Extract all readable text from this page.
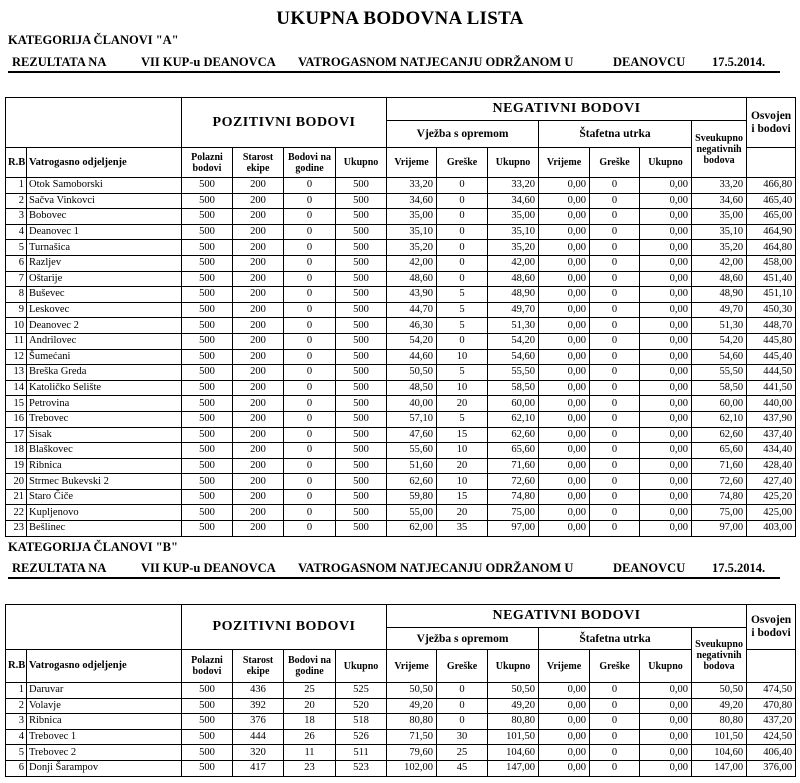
UKUPNA BODOVNA LISTA
KATEGORIJA ČLANOVI "A"
REZULTATA NA	VII KUP-u DEANOVCA VATROGASNOM NATJECANJU ODRŽANOM U	DEANOVCU 17.5.2014.
		POZITIVNI BODOVI				NEGATIVNI BODOVI							Osvojen i bodovi
						Vježba s opremom			Štafetna utrka			Sveukupno negativnih bodova	
R.B	Vatrogasno odjeljenje	Polazni bodovi	Starost ekipe	Bodovi na godine	Ukupno	Vrijeme	Greške	Ukupno	Vrijeme	Greške	Ukupno		
1	Otok Samoborski	500	200	0	500	33,20	0	33,20	0,00	0	0,00	33,20	466,80
2	Sačva Vinkovci	500	200	0	500	34,60	0	34,60	0,00	0	0,00	34,60	465,40
3	Bobovec	500	200	0	500	35,00	0	35,00	0,00	0	0,00	35,00	465,00
4	Deanovec 1	500	200	0	500	35,10	0	35,10	0,00	0	0,00	35,10	464,90
5	Turnašica	500	200	0	500	35,20	0	35,20	0,00	0	0,00	35,20	464,80
6	Razljev	500	200	0	500	42,00	0	42,00	0,00	0	0,00	42,00	458,00
7	Oštarije	500	200	0	500	48,60	0	48,60	0,00	0	0,00	48,60	451,40
8	Buševec	500	200	0	500	43,90	5	48,90	0,00	0	0,00	48,90	451,10
9	Leskovec	500	200	0	500	44,70	5	49,70	0,00	0	0,00	49,70	450,30
10	Deanovec 2	500	200	0	500	46,30	5	51,30	0,00	0	0,00	51,30	448,70
11	Andrilovec	500	200	0	500	54,20	0	54,20	0,00	0	0,00	54,20	445,80
12	Šumećani	500	200	0	500	44,60	10	54,60	0,00	0	0,00	54,60	445,40
13	Breška Greda	500	200	0	500	50,50	5	55,50	0,00	0	0,00	55,50	444,50
14	Katoličko Selište	500	200	0	500	48,50	10	58,50	0,00	0	0,00	58,50	441,50
15	Petrovina	500	200	0	500	40,00	20	60,00	0,00	0	0,00	60,00	440,00
16	Trebovec	500	200	0	500	57,10	5	62,10	0,00	0	0,00	62,10	437,90
17	Sisak	500	200	0	500	47,60	15	62,60	0,00	0	0,00	62,60	437,40
18	Blaškovec	500	200	0	500	55,60	10	65,60	0,00	0	0,00	65,60	434,40
19	Ribnica	500	200	0	500	51,60	20	71,60	0,00	0	0,00	71,60	428,40
20	Strmec Bukevski 2	500	200	0	500	62,60	10	72,60	0,00	0	0,00	72,60	427,40
21	Staro Čiče	500	200	0	500	59,80	15	74,80	0,00	0	0,00	74,80	425,20
22	Kupljenovo	500	200	0	500	55,00	20	75,00	0,00	0	0,00	75,00	425,00
23	Bešlinec	500	200	0	500	62,00	35	97,00	0,00	0	0,00	97,00	403,00
KATEGORIJA ČLANOVI "B"
REZULTATA NA	VII KUP-u DEANOVCA VATROGASNOM NATJECANJU ODRŽANOM U	DEANOVCU 17.5.2014.
		POZITIVNI BODOVI				NEGATIVNI BODOVI							Osvojen i bodovi
						Vježba s opremom			Štafetna utrka			Sveukupno negativnih bodova	
R.B	Vatrogasno odjeljenje	Polazni bodovi	Starost ekipe	Bodovi na godine	Ukupno	Vrijeme	Greške	Ukupno	Vrijeme	Greške	Ukupno		
1	Daruvar	500	436	25	525	50,50	0	50,50	0,00	0	0,00	50,50	474,50
2	Volavje	500	392	20	520	49,20	0	49,20	0,00	0	0,00	49,20	470,80
3	Ribnica	500	376	18	518	80,80	0	80,80	0,00	0	0,00	80,80	437,20
4	Trebovec 1	500	444	26	526	71,50	30	101,50	0,00	0	0,00	101,50	424,50
5	Trebovec 2	500	320	11	511	79,60	25	104,60	0,00	0	0,00	104,60	406,40
6	Donji Šarampov	500	417	23	523	102,00	45	147,00	0,00	0	0,00	147,00	376,00
